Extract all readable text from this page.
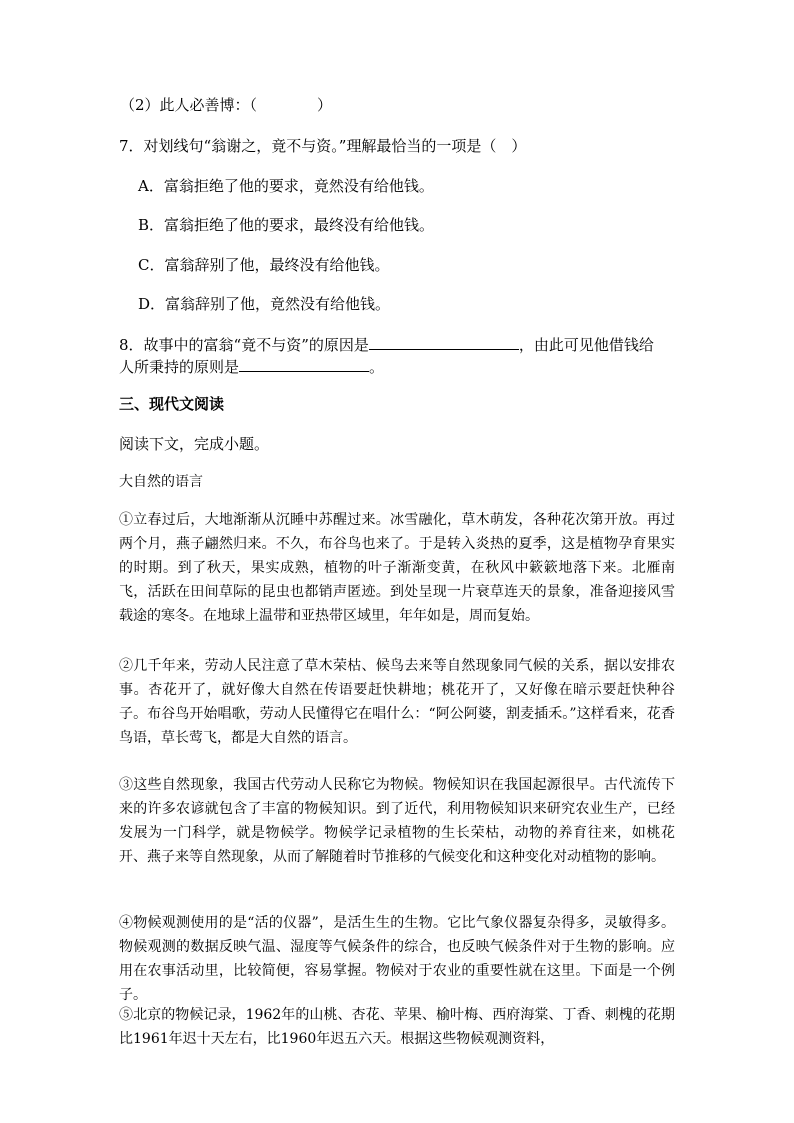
（2）此人必善博：（　　　　）
7．对划线句“翁谢之，竟不与资。”理解最恰当的一项是（　）
A．富翁拒绝了他的要求，竟然没有给他钱。
B．富翁拒绝了他的要求，最终没有给他钱。
C．富翁辞别了他，最终没有给他钱。
D．富翁辞别了他，竟然没有给他钱。
8．故事中的富翁“竟不与资”的原因是	，由此可见他借钱给
人所秉持的原则是	。
三、现代文阅读
阅读下文，完成小题。
大自然的语言

①立春过后，大地渐渐从沉睡中苏醒过来。冰雪融化，草木萌发，各种花次第开放。再过两个月，燕子翩然归来。不久，布谷鸟也来了。于是转入炎热的夏季，这是植物孕育果实的时期。到了秋天，果实成熟，植物的叶子渐渐变黄，在秋风中簌簌地落下来。北雁南飞，活跃在田间草际的昆虫也都销声匿迹。到处呈现一片衰草连天的景象，准备迎接风雪载途的寒冬。在地球上温带和亚热带区域里，年年如是，周而复始。

②几千年来，劳动人民注意了草木荣枯、候鸟去来等自然现象同气候的关系，据以安排农事。杏花开了，就好像大自然在传语要赶快耕地；桃花开了，又好像在暗示要赶快种谷子。布谷鸟开始唱歌，劳动人民懂得它在唱什么：“阿公阿婆，割麦插禾。”这样看来，花香鸟语，草长莺飞，都是大自然的语言。

③这些自然现象，我国古代劳动人民称它为物候。物候知识在我国起源很早。古代流传下来的许多农谚就包含了丰富的物候知识。到了近代，利用物候知识来研究农业生产，已经发展为一门科学，就是物候学。物候学记录植物的生长荣枯，动物的养育往来，如桃花开、燕子来等自然现象，从而了解随着时节推移的气候变化和这种变化对动植物的影响。

④物候观测使用的是“活的仪器”，是活生生的生物。它比气象仪器复杂得多，灵敏得多。物候观测的数据反映气温、湿度等气候条件的综合，也反映气候条件对于生物的影响。应用在农事活动里，比较简便，容易掌握。物候对于农业的重要性就在这里。下面是一个例子。

⑤北京的物候记录，1962年的山桃、杏花、苹果、榆叶梅、西府海棠、丁香、刺槐的花期比1961年迟十天左右，比1960年迟五六天。根据这些物候观测资料，
